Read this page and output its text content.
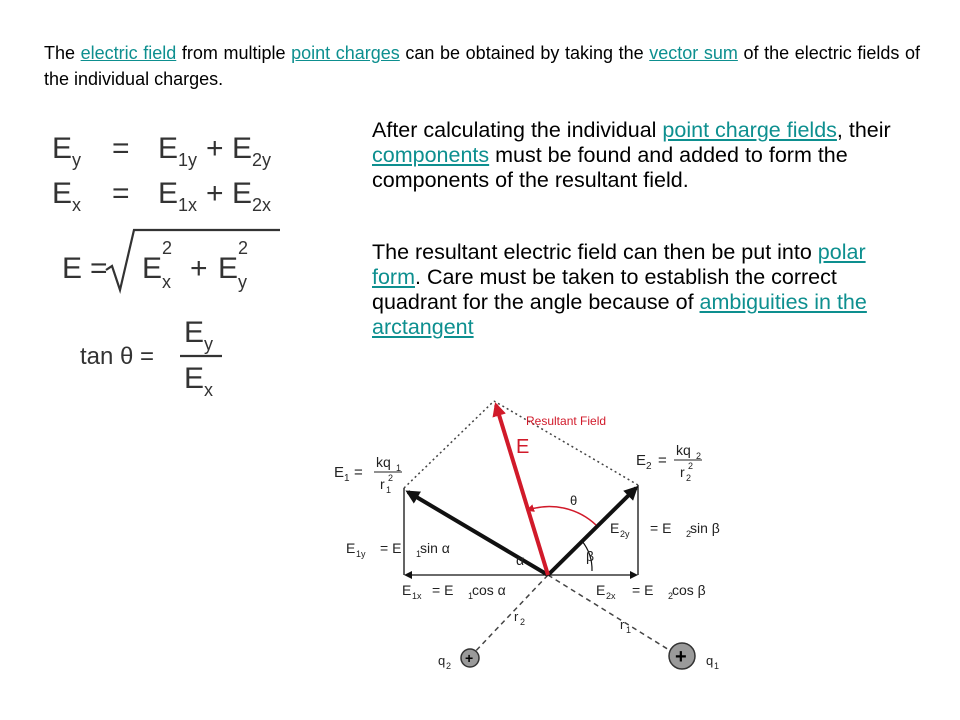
The electric field from multiple point charges can be obtained by taking the vector sum of the electric fields of the individual charges.
After calculating the individual point charge fields, their components must be found and added to form the components of the resultant field.
The resultant electric field can then be put into polar form. Care must be taken to establish the correct quadrant for the angle because of ambiguities in the arctangent
E y = E 1y + E 2y
E x = E 1x + E 2x
E = E
2
x + E
2
y
tan θ =
E y
E x
Resultant Field
E
θ
α	β
E 1 =
kq 1
r 1
2
E 2 =
kq 2
r 2
2
E 1y = E 1
sin α
E 2y = E 2
sin β
E 1x = E 1
cos α	E 2x = E 2
cos β
r 2	r 1
+
q 2	+ q 1
